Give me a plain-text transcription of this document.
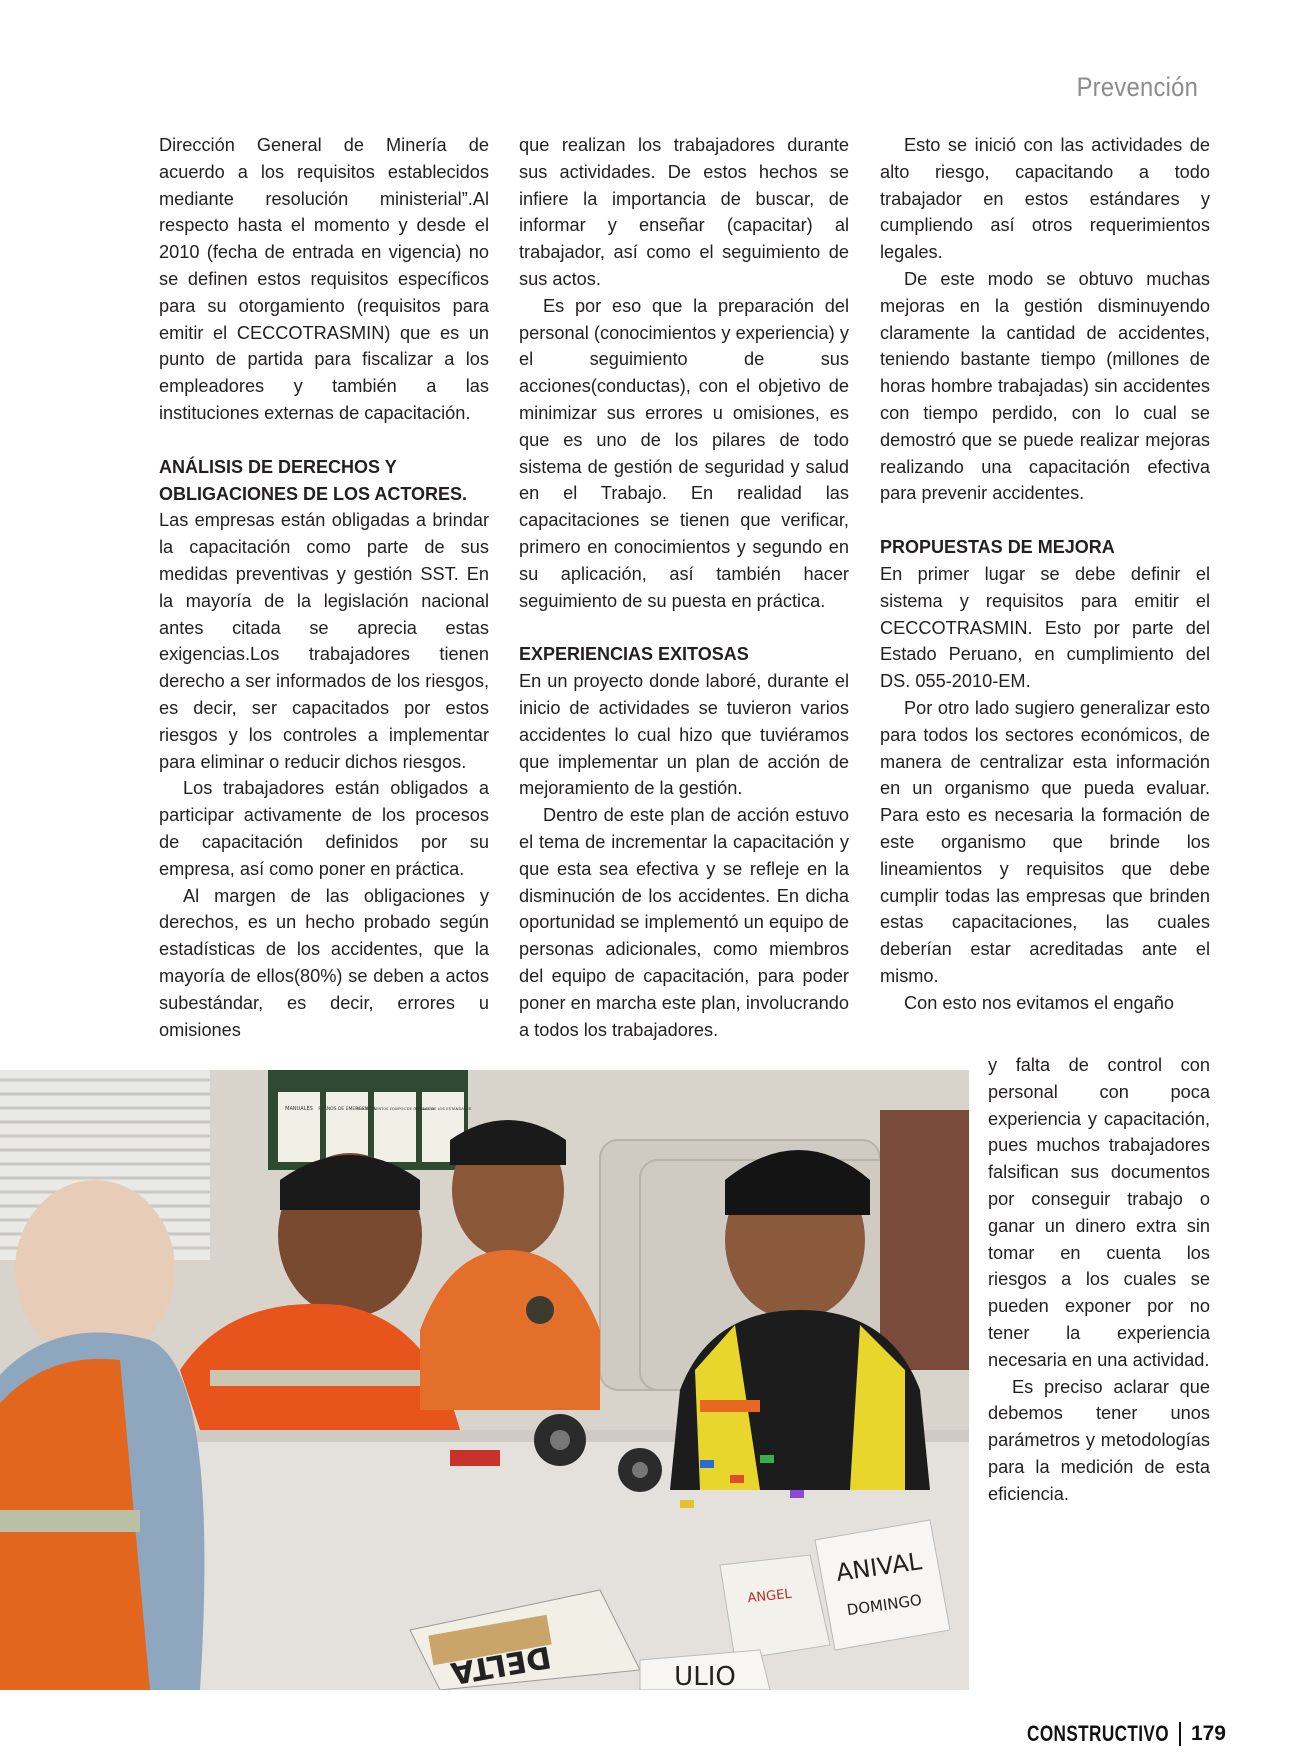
Prevención

Dirección General de Minería de acuerdo a los requisitos establecidos mediante resolución ministerial”.Al respecto hasta el momento y desde el 2010 (fecha de entrada en vigencia) no se definen estos requisitos específicos para su otorgamiento (requisitos para emitir el CECCOTRASMIN) que es un punto de partida para fiscalizar a los empleadores y también a las instituciones externas de capacitación.

ANÁLISIS DE DERECHOS Y OBLIGACIONES DE LOS ACTORES.

Las empresas están obligadas a brindar la capacitación como parte de sus medidas preventivas y gestión SST. En la mayoría de la legislación nacional antes citada se aprecia estas exigencias.Los trabajadores tienen derecho a ser informados de los riesgos, es decir, ser capacitados por estos riesgos y los controles a implementar para eliminar o reducir dichos riesgos.

Los trabajadores están obligados a participar activamente de los procesos de capacitación definidos por su empresa, así como poner en práctica.

Al margen de las obligaciones y derechos, es un hecho probado según estadísticas de los accidentes, que la mayoría de ellos(80%) se deben a actos subestándar, es decir, errores u omisiones

que realizan los trabajadores durante sus actividades. De estos hechos se infiere la importancia de buscar, de informar y enseñar (capacitar) al trabajador, así como el seguimiento de sus actos.

Es por eso que la preparación del personal (conocimientos y experiencia) y el seguimiento de sus acciones(conductas), con el objetivo de minimizar sus errores u omisiones, es que es uno de los pilares de todo sistema de gestión de seguridad y salud en el Trabajo. En realidad las capacitaciones se tienen que verificar, primero en conocimientos y segundo en su aplicación, así también hacer seguimiento de su puesta en práctica.

EXPERIENCIAS EXITOSAS

En un proyecto donde laboré, durante el inicio de actividades se tuvieron varios accidentes lo cual hizo que tuviéramos que implementar un plan de acción de mejoramiento de la gestión.

Dentro de este plan de acción estuvo el tema de incrementar la capacitación y que esta sea efectiva y se refleje en la disminución de los accidentes. En dicha oportunidad se implementó un equipo de personas adicionales, como miembros del equipo de capacitación, para poder poner en marcha este plan, involucrando a todos los trabajadores.

Esto se inició con las actividades de alto riesgo, capacitando a todo trabajador en estos estándares y cumpliendo así otros requerimientos legales.

De este modo se obtuvo muchas mejoras en la gestión disminuyendo claramente la cantidad de accidentes, teniendo bastante tiempo (millones de horas hombre trabajadas) sin accidentes con tiempo perdido, con lo cual se demostró que se puede realizar mejoras realizando una capacitación efectiva para prevenir accidentes.

PROPUESTAS DE MEJORA

En primer lugar se debe definir el sistema y requisitos para emitir el CECCOTRASMIN. Esto por parte del Estado Peruano, en cumplimiento del DS. 055-2010-EM.

Por otro lado sugiero generalizar esto para todos los sectores económicos, de manera de centralizar esta información en un organismo que pueda evaluar. Para esto es necesaria la formación de este organismo que brinde los lineamientos y requisitos que debe cumplir todas las empresas que brinden estas capacitaciones, las cuales deberían estar acreditadas ante el mismo.

Con esto nos evitamos el engaño

y falta de control con personal con poca experiencia y capacitación, pues muchos trabajadores falsifican sus documentos por conseguir trabajo o ganar un dinero extra sin tomar en cuenta los riesgos a los cuales se pueden exponer por no tener la experiencia necesaria en una actividad.

Es preciso aclarar que debemos tener unos parámetros y metodologías para la medición de esta eficiencia.

MANUALES PLANOS DE EMERGENCIA
PROCEDIMIENTOS EQUIPOS DE OPERACIÓN
REGLAS DE LOS ESTÁNDARES
ANIVAL
DOMINGO
ANGEL
DELTA	ULIO
CONSTRUCTIVO 179
